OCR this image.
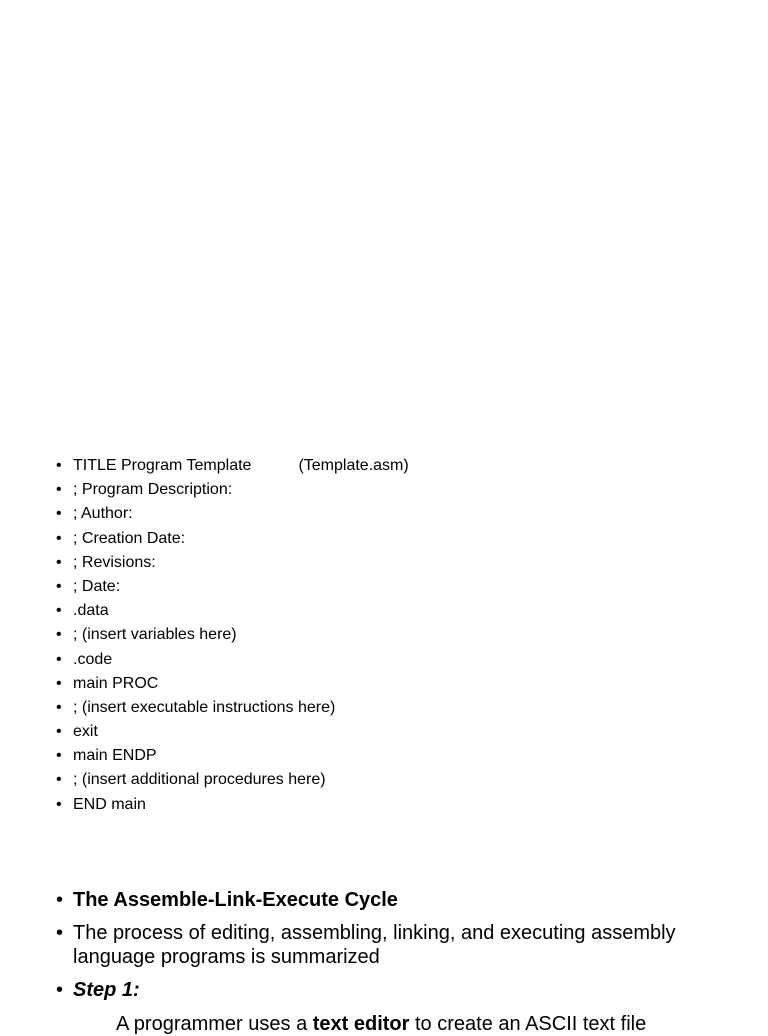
• TITLE Program Template	(Template.asm)
• ; Program Description:
• ; Author:
• ; Creation Date:
• ; Revisions:
• ; Date:
• .data
• ; (insert variables here)
• .code
• main PROC
• ; (insert executable instructions here)
• exit
• main ENDP
• ; (insert additional procedures here)
• END main
• The Assemble-Link-Execute Cycle
• The process of editing, assembling, linking, and executing assembly language programs is summarized
• Step 1:
A programmer uses a text editor to create an ASCII text file
